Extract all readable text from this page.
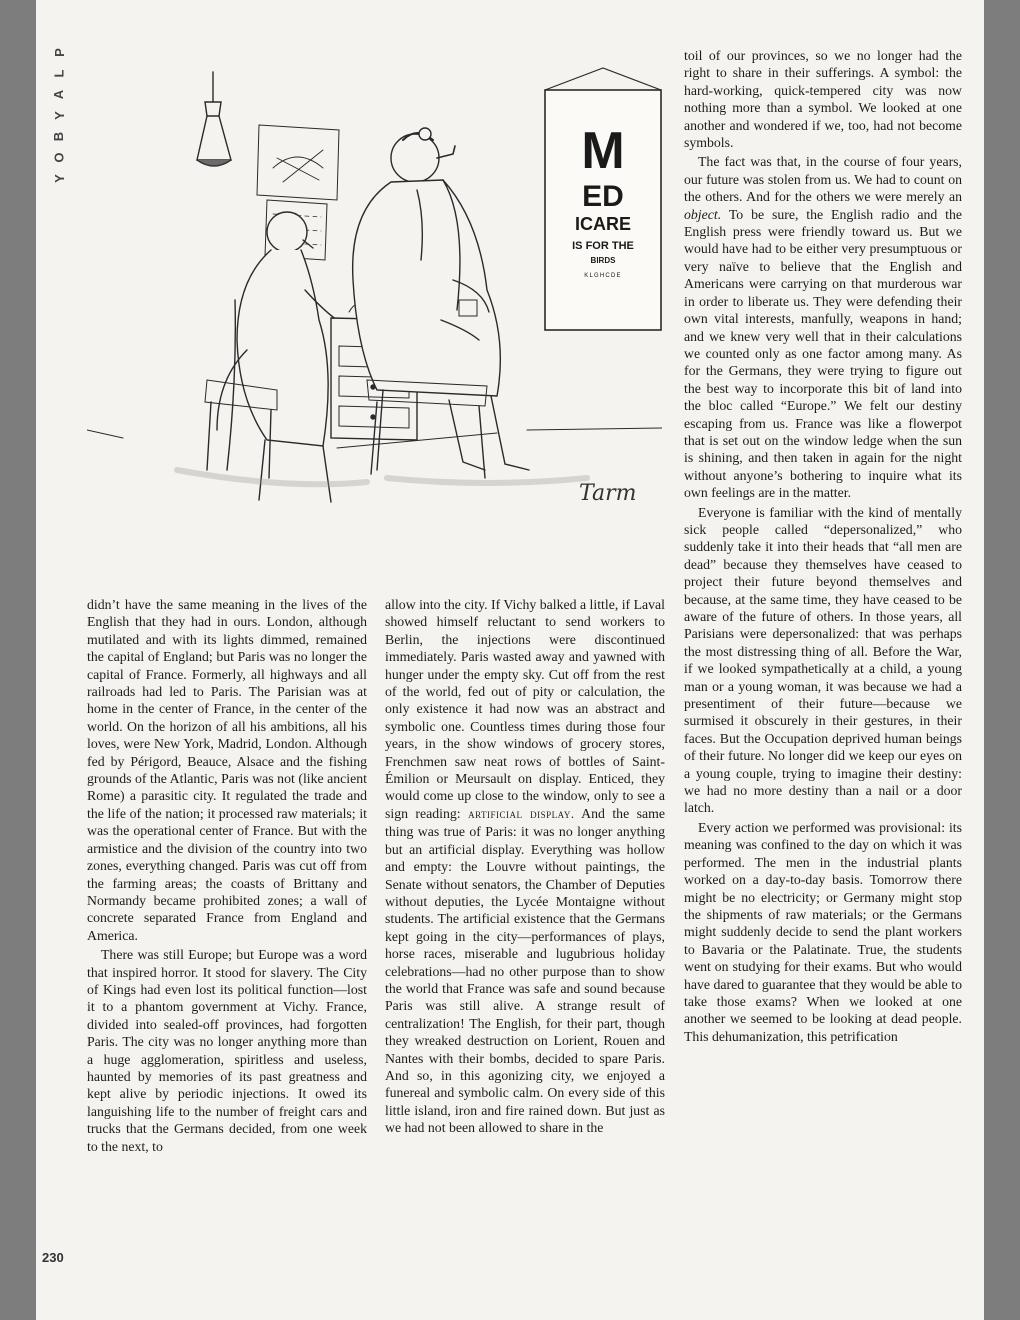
P
L
A
Y
B
O
Y	M
ED
ICARE
IS FOR THE
BIRDS
KLGHCDE
Tarm

didn’t have the same meaning in the lives of the English that they had in ours. London, although mutilated and with its lights dimmed, remained the capital of England; but Paris was no longer the capital of France. Formerly, all highways and all railroads had led to Paris. The Parisian was at home in the center of France, in the center of the world. On the horizon of all his ambitions, all his loves, were New York, Madrid, London. Although fed by Périgord, Beauce, Alsace and the fishing grounds of the Atlantic, Paris was not (like ancient Rome) a parasitic city. It regulated the trade and the life of the nation; it processed raw materials; it was the operational center of France. But with the armistice and the division of the country into two zones, everything changed. Paris was cut off from the farming areas; the coasts of Brittany and Normandy became prohibited zones; a wall of concrete separated France from England and America.

There was still Europe; but Europe was a word that inspired horror. It stood for slavery. The City of Kings had even lost its political function—lost it to a phantom government at Vichy. France, divided into sealed-off provinces, had forgotten Paris. The city was no longer anything more than a huge agglomeration, spiritless and useless, haunted by memories of its past greatness and kept alive by periodic injections. It owed its languishing life to the number of freight cars and trucks that the Germans decided, from one week to the next, to

allow into the city. If Vichy balked a little, if Laval showed himself reluctant to send workers to Berlin, the injections were discontinued immediately. Paris wasted away and yawned with hunger under the empty sky. Cut off from the rest of the world, fed out of pity or calculation, the only existence it had now was an abstract and symbolic one. Countless times during those four years, in the show windows of grocery stores, Frenchmen saw neat rows of bottles of Saint-Émilion or Meursault on display. Enticed, they would come up close to the window, only to see a sign reading: artificial display. And the same thing was true of Paris: it was no longer anything but an artificial display. Everything was hollow and empty: the Louvre without paintings, the Senate without senators, the Chamber of Deputies without deputies, the Lycée Montaigne without students. The artificial existence that the Germans kept going in the city—performances of plays, horse races, miserable and lugubrious holiday celebrations—had no other purpose than to show the world that France was safe and sound because Paris was still alive. A strange result of centralization! The English, for their part, though they wreaked destruction on Lorient, Rouen and Nantes with their bombs, decided to spare Paris. And so, in this agonizing city, we enjoyed a funereal and symbolic calm. On every side of this little island, iron and fire rained down. But just as we had not been allowed to share in the

toil of our provinces, so we no longer had the right to share in their sufferings. A symbol: the hard-working, quick-tempered city was now nothing more than a symbol. We looked at one another and wondered if we, too, had not become symbols.

The fact was that, in the course of four years, our future was stolen from us. We had to count on the others. And for the others we were merely an object. To be sure, the English radio and the English press were friendly toward us. But we would have had to be either very presumptuous or very naïve to believe that the English and Americans were carrying on that murderous war in order to liberate us. They were defending their own vital interests, manfully, weapons in hand; and we knew very well that in their calculations we counted only as one factor among many. As for the Germans, they were trying to figure out the best way to incorporate this bit of land into the bloc called “Europe.” We felt our destiny escaping from us. France was like a flowerpot that is set out on the window ledge when the sun is shining, and then taken in again for the night without anyone’s bothering to inquire what its own feelings are in the matter.

Everyone is familiar with the kind of mentally sick people called “depersonalized,” who suddenly take it into their heads that “all men are dead” because they themselves have ceased to project their future beyond themselves and because, at the same time, they have ceased to be aware of the future of others. In those years, all Parisians were depersonalized: that was perhaps the most distressing thing of all. Before the War, if we looked sympathetically at a child, a young man or a young woman, it was because we had a presentiment of their future—because we surmised it obscurely in their gestures, in their faces. But the Occupation deprived human beings of their future. No longer did we keep our eyes on a young couple, trying to imagine their destiny: we had no more destiny than a nail or a door latch.

Every action we performed was provisional: its meaning was confined to the day on which it was performed. The men in the industrial plants worked on a day-to-day basis. Tomorrow there might be no electricity; or Germany might stop the shipments of raw materials; or the Germans might suddenly decide to send the plant workers to Bavaria or the Palatinate. True, the students went on studying for their exams. But who would have dared to guarantee that they would be able to take those exams? When we looked at one another we seemed to be looking at dead people. This dehumanization, this petrification

230
